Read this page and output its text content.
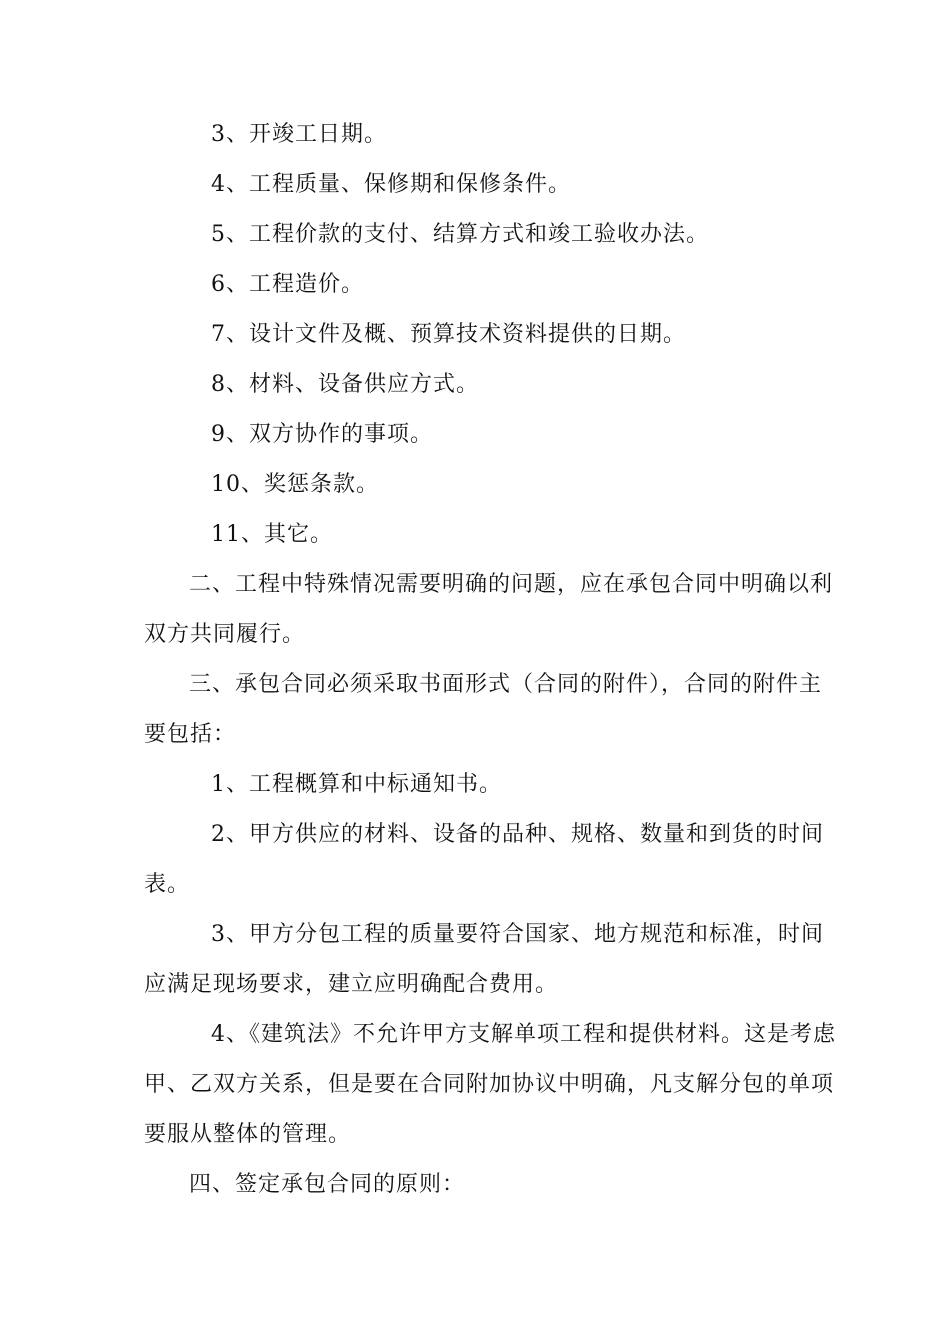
3、开竣工日期。
4、工程质量、保修期和保修条件。
5、工程价款的支付、结算方式和竣工验收办法。
6、工程造价。
7、设计文件及概、预算技术资料提供的日期。
8、材料、设备供应方式。
9、双方协作的事项。
10、奖惩条款。
11、其它。
二、工程中特殊情况需要明确的问题，应在承包合同中明确以利
双方共同履行。
三、承包合同必须采取书面形式（合同的附件），合同的附件主
要包括：
1、工程概算和中标通知书。
2、甲方供应的材料、设备的品种、规格、数量和到货的时间
表。
3、甲方分包工程的质量要符合国家、地方规范和标准，时间
应满足现场要求，建立应明确配合费用。
4、《建筑法》不允许甲方支解单项工程和提供材料。这是考虑
甲、乙双方关系，但是要在合同附加协议中明确，凡支解分包的单项
要服从整体的管理。
四、签定承包合同的原则：
